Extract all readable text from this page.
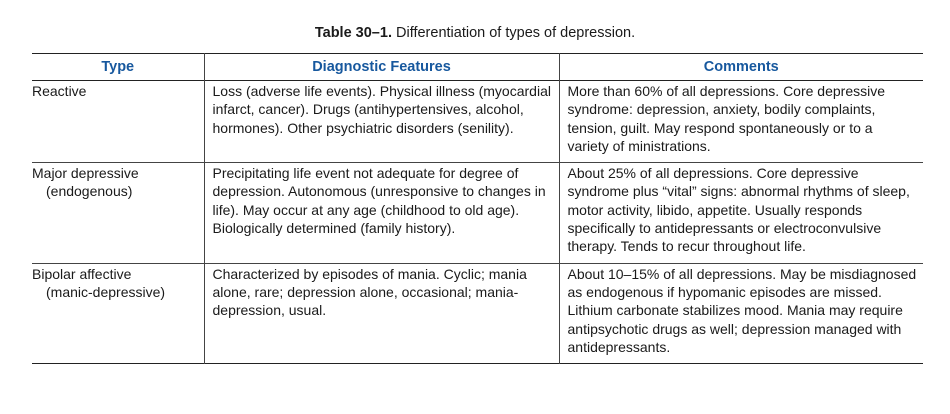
Table 30–1. Differentiation of types of depression.
Type	Diagnostic Features	Comments

Reactive	Loss (adverse life events). Physical illness (myocardial infarct, cancer). Drugs (antihypertensives, alcohol, hormones). Other psychiatric disorders (senility).	More than 60% of all depressions. Core depressive syndrome: depression, anxiety, bodily complaints, tension, guilt. May respond spontaneously or to a variety of ministrations.

Major depressive
(endogenous)	Precipitating life event not adequate for degree of depression. Autonomous (unresponsive to changes in life). May occur at any age (childhood to old age). Biologically determined (family history).	About 25% of all depressions. Core depressive syndrome plus “vital” signs: abnormal rhythms of sleep, motor activity, libido, appetite. Usually responds specifically to antidepressants or electroconvulsive therapy. Tends to recur throughout life.

Bipolar affective
(manic-depressive)	Characterized by episodes of mania. Cyclic; mania alone, rare; depression alone, occasional; mania-depression, usual.	About 10–15% of all depressions. May be misdiagnosed as endogenous if hypomanic episodes are missed. Lithium carbonate stabilizes mood. Mania may require antipsychotic drugs as well; depression managed with antidepressants.
